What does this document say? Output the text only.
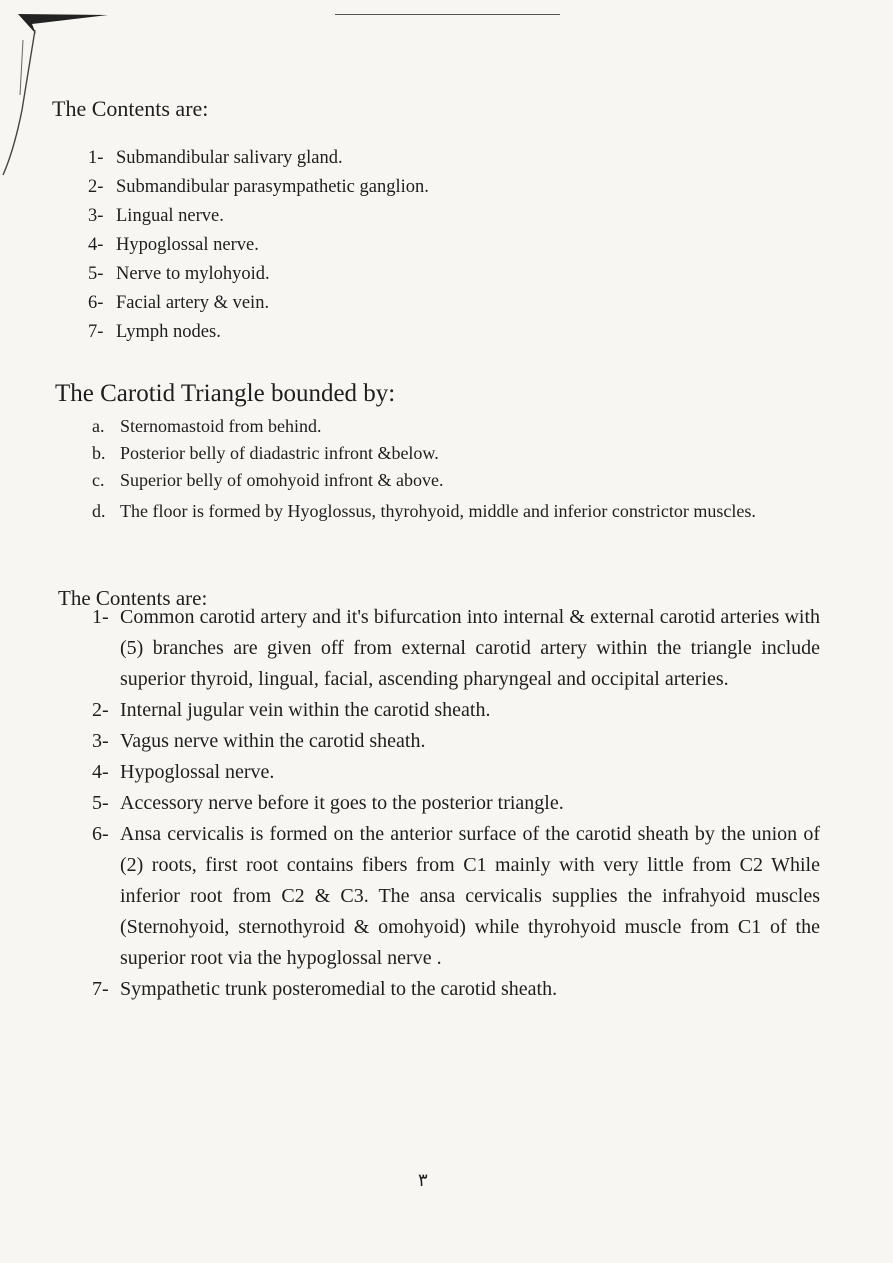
The Contents are:
1- Submandibular salivary gland.
2- Submandibular parasympathetic ganglion.
3- Lingual nerve.
4- Hypoglossal nerve.
5- Nerve to mylohyoid.
6- Facial artery & vein.
7- Lymph nodes.
The Carotid Triangle bounded by:
a. Sternomastoid from behind.
b. Posterior belly of diadastric infront &below.
c. Superior belly of omohyoid infront & above.
d. The floor is formed by Hyoglossus, thyrohyoid, middle and inferior constrictor muscles.
The Contents are:
1- Common carotid artery and it's bifurcation into internal & external carotid arteries with (5) branches are given off from external carotid artery within the triangle include superior thyroid, lingual, facial, ascending pharyngeal and occipital arteries.
2- Internal jugular vein within the carotid sheath.
3- Vagus nerve within the carotid sheath.
4- Hypoglossal nerve.
5- Accessory nerve before it goes to the posterior triangle.
6- Ansa cervicalis is formed on the anterior surface of the carotid sheath by the union of (2) roots, first root contains fibers from C1 mainly with very little from C2 While inferior root from C2 & C3. The ansa cervicalis supplies the infrahyoid muscles (Sternohyoid, sternothyroid & omohyoid) while thyrohyoid muscle from C1 of the superior root via the hypoglossal nerve .
7- Sympathetic trunk posteromedial to the carotid sheath.
٣
